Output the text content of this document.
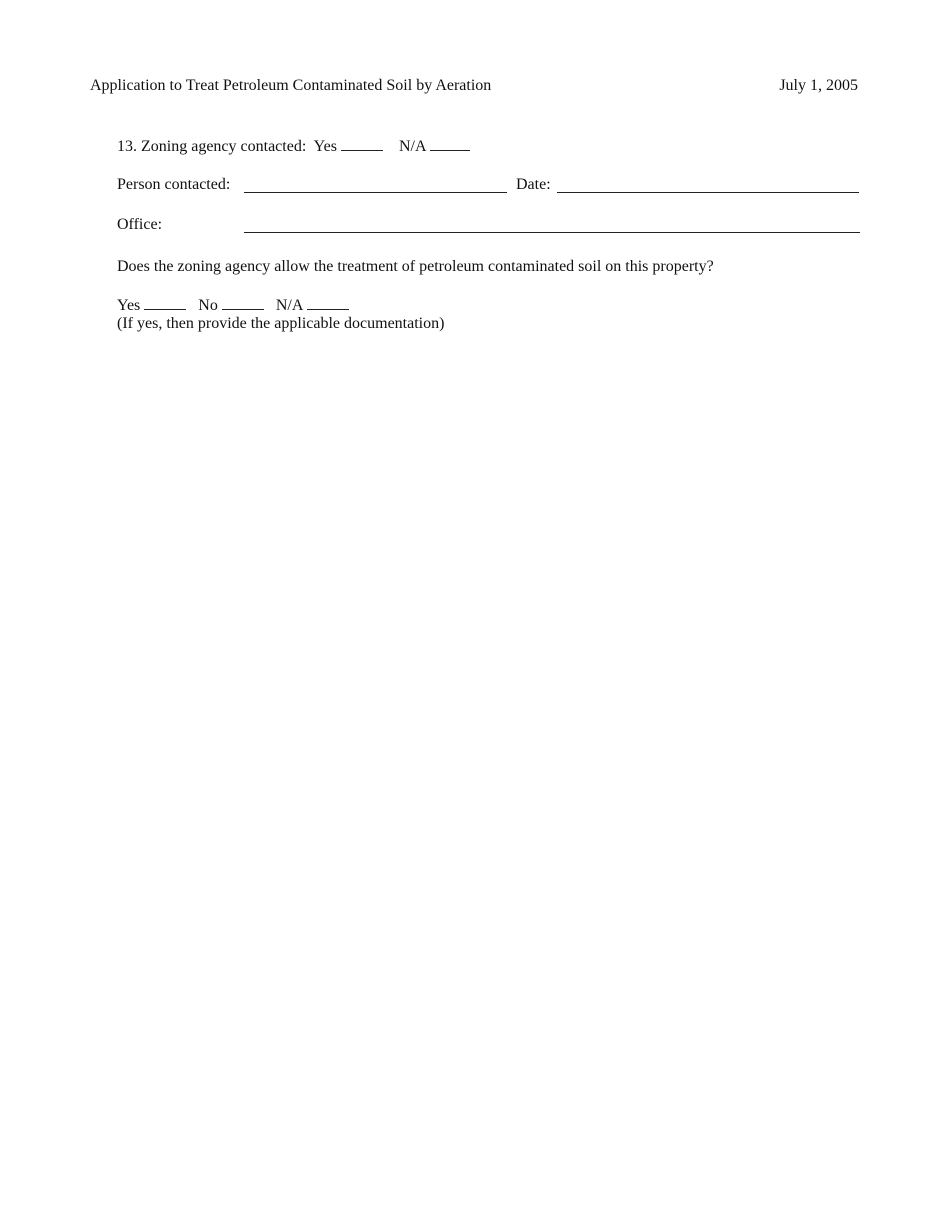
Application to Treat Petroleum Contaminated Soil by Aeration	July 1, 2005
13. Zoning agency contacted: Yes	N/A
Person contacted:	Date:
Office:
Does the zoning agency allow the treatment of petroleum contaminated soil on this property?
Yes	No	N/A
(If yes, then provide the applicable documentation)
